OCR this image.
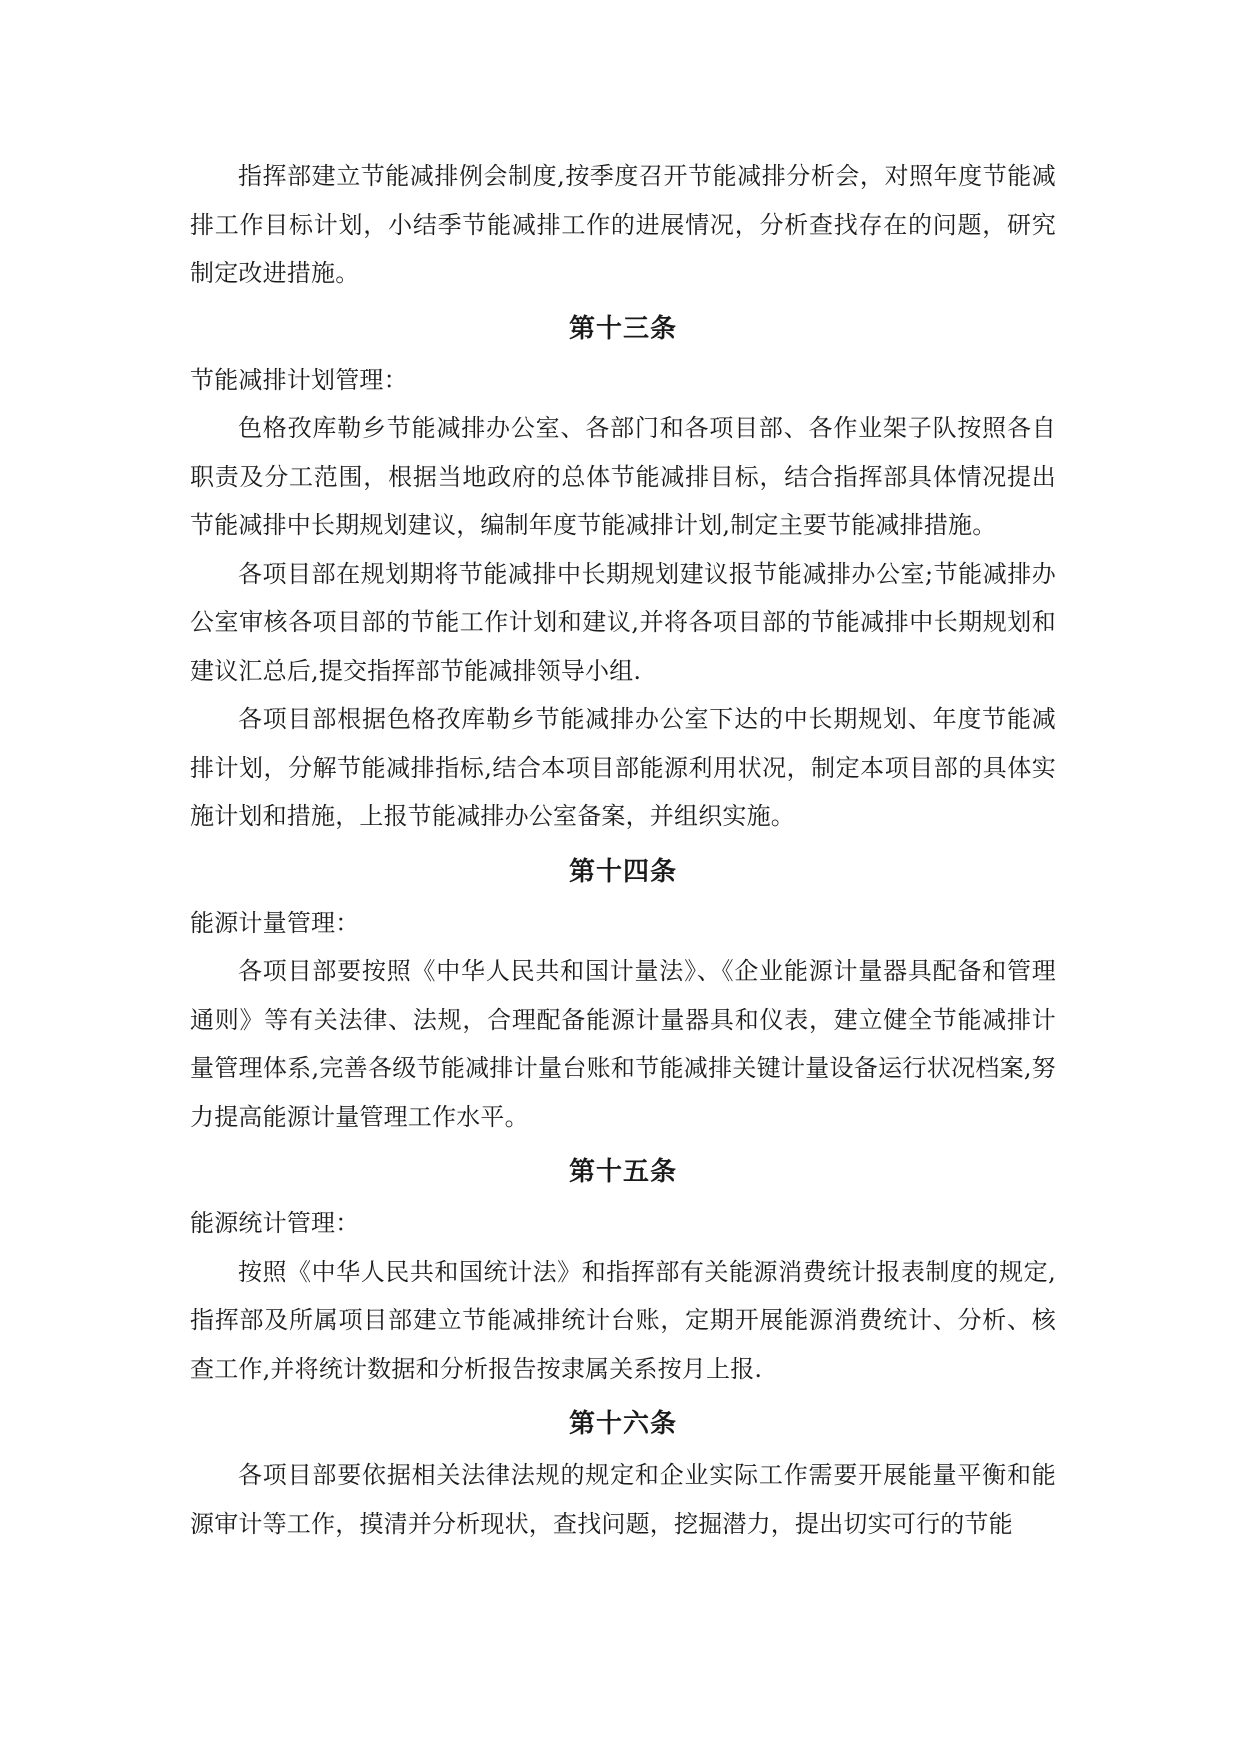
指挥部建立节能减排例会制度,按季度召开节能减排分析会，对照年度节能减排工作目标计划，小结季节能减排工作的进展情况，分析查找存在的问题，研究制定改进措施。

第十三条

节能减排计划管理：

色格孜库勒乡节能减排办公室、各部门和各项目部、各作业架子队按照各自职责及分工范围，根据当地政府的总体节能减排目标，结合指挥部具体情况提出节能减排中长期规划建议，编制年度节能减排计划,制定主要节能减排措施。

各项目部在规划期将节能减排中长期规划建议报节能减排办公室;节能减排办公室审核各项目部的节能工作计划和建议,并将各项目部的节能减排中长期规划和建议汇总后,提交指挥部节能减排领导小组.

各项目部根据色格孜库勒乡节能减排办公室下达的中长期规划、年度节能减排计划，分解节能减排指标,结合本项目部能源利用状况，制定本项目部的具体实施计划和措施，上报节能减排办公室备案，并组织实施。

第十四条

能源计量管理：

各项目部要按照《中华人民共和国计量法》、《企业能源计量器具配备和管理通则》等有关法律、法规，合理配备能源计量器具和仪表，建立健全节能减排计量管理体系,完善各级节能减排计量台账和节能减排关键计量设备运行状况档案,努力提高能源计量管理工作水平。

第十五条

能源统计管理：

按照《中华人民共和国统计法》和指挥部有关能源消费统计报表制度的规定,指挥部及所属项目部建立节能减排统计台账，定期开展能源消费统计、分析、核查工作,并将统计数据和分析报告按隶属关系按月上报.

第十六条

各项目部要依据相关法律法规的规定和企业实际工作需要开展能量平衡和能源审计等工作，摸清并分析现状，查找问题，挖掘潜力，提出切实可行的节能
